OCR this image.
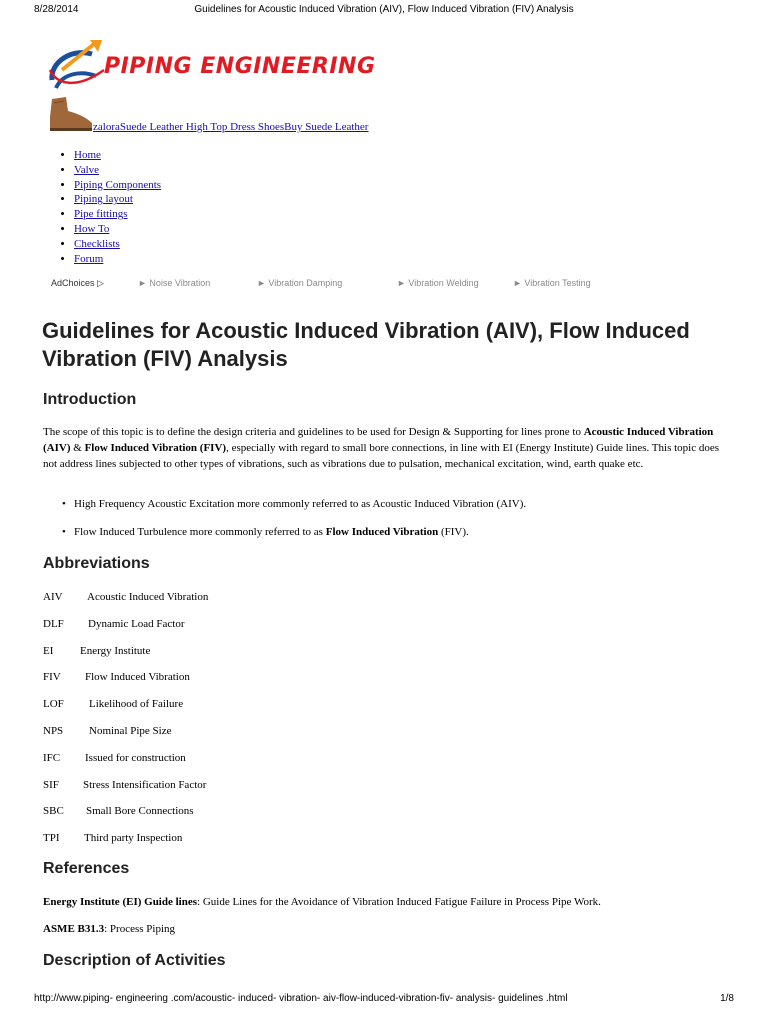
8/28/2014	Guidelines for Acoustic Induced Vibration (AIV), Flow Induced Vibration (FIV) Analysis
PIPING ENGINEERING
zaloraSuede Leather High Top Dress ShoesBuy Suede Leather
• Home
• Valve
• Piping Components
• Piping layout
• Pipe fittings
• How To
• Checklists
• Forum
AdChoices ▷	► Noise Vibration	► Vibration Damping	► Vibration Welding	► Vibration Testing
Guidelines for Acoustic Induced Vibration (AIV), Flow Induced Vibration (FIV) Analysis
Introduction
The scope of this topic is to define the design criteria and guidelines to be used for Design & Supporting for lines prone to Acoustic Induced Vibration (AIV) & Flow Induced Vibration (FIV), especially with regard to small bore connections, in line with EI (Energy Institute) Guide lines. This topic does not address lines subjected to other types of vibrations, such as vibrations due to pulsation, mechanical excitation, wind, earth quake etc.
• High Frequency Acoustic Excitation more commonly referred to as Acoustic Induced Vibration (AIV).
• Flow Induced Turbulence more commonly referred to as Flow Induced Vibration (FIV).
Abbreviations
AIV Acoustic Induced Vibration
DLF Dynamic Load Factor
EI Energy Institute
FIV Flow Induced Vibration
LOF Likelihood of Failure
NPS Nominal Pipe Size
IFC Issued for construction
SIF Stress Intensification Factor
SBC Small Bore Connections
TPI Third party Inspection
References
Energy Institute (EI) Guide lines: Guide Lines for the Avoidance of Vibration Induced Fatigue Failure in Process Pipe Work.
ASME B31.3: Process Piping
Description of Activities
http://www.piping- engineering .com/acoustic- induced- vibration- aiv-flow-induced-vibration-fiv- analysis- guidelines .html	1/8
